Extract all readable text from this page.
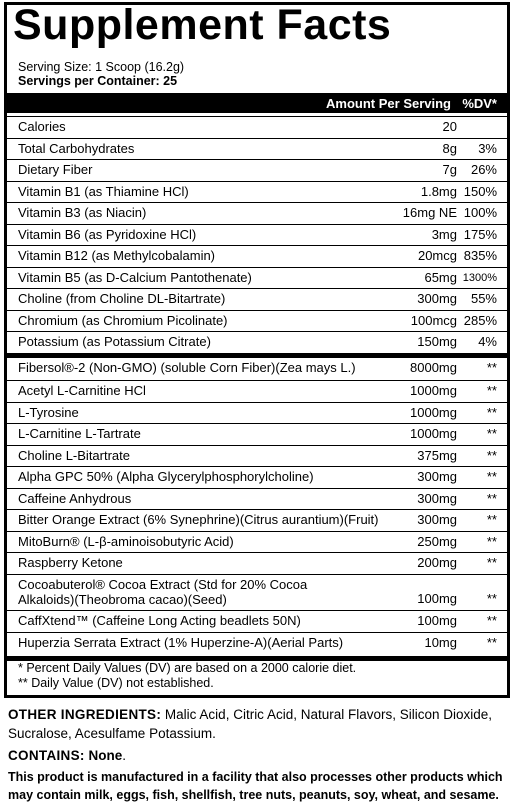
Supplement Facts
Serving Size: 1 Scoop (16.2g)
Servings per Container: 25
Amount Per Serving %DV*
Calories	20
Total Carbohydrates	8g 3%
Dietary Fiber	7g 26%
Vitamin B1 (as Thiamine HCl)	1.8mg 150%
Vitamin B3 (as Niacin)	16mg NE 100%
Vitamin B6 (as Pyridoxine HCl)	3mg 175%
Vitamin B12 (as Methylcobalamin)	20mcg 835%
Vitamin B5 (as D-Calcium Pantothenate)	65mg 1300%
Choline (from Choline DL-Bitartrate)	300mg 55%
Chromium (as Chromium Picolinate)	100mcg 285%
Potassium (as Potassium Citrate)	150mg 4%
Fibersol®-2 (Non-GMO) (soluble Corn Fiber)(Zea mays L.)	8000mg **
Acetyl L-Carnitine HCl	1000mg **
L-Tyrosine	1000mg **
L-Carnitine L-Tartrate	1000mg **
Choline L-Bitartrate	375mg **
Alpha GPC 50% (Alpha Glycerylphosphorylcholine)	300mg **
Caffeine Anhydrous	300mg **
Bitter Orange Extract (6% Synephrine)(Citrus aurantium)(Fruit)	300mg **
MitoBurn® (L-β-aminoisobutyric Acid)	250mg **
Raspberry Ketone	200mg **
Cocoabuterol® Cocoa Extract (Std for 20% Cocoa
Alkaloids)(Theobroma cacao)(Seed)	100mg **
CaffXtend™ (Caffeine Long Acting beadlets 50N)	100mg **
Huperzia Serrata Extract (1% Huperzine-A)(Aerial Parts)	10mg **
* Percent Daily Values (DV) are based on a 2000 calorie diet.
** Daily Value (DV) not established.
OTHER INGREDIENTS: Malic Acid, Citric Acid, Natural Flavors, Silicon Dioxide, Sucralose, Acesulfame Potassium.
CONTAINS: None.
This product is manufactured in a facility that also processes other products which may contain milk, eggs, fish, shellfish, tree nuts, peanuts, soy, wheat, and sesame.
